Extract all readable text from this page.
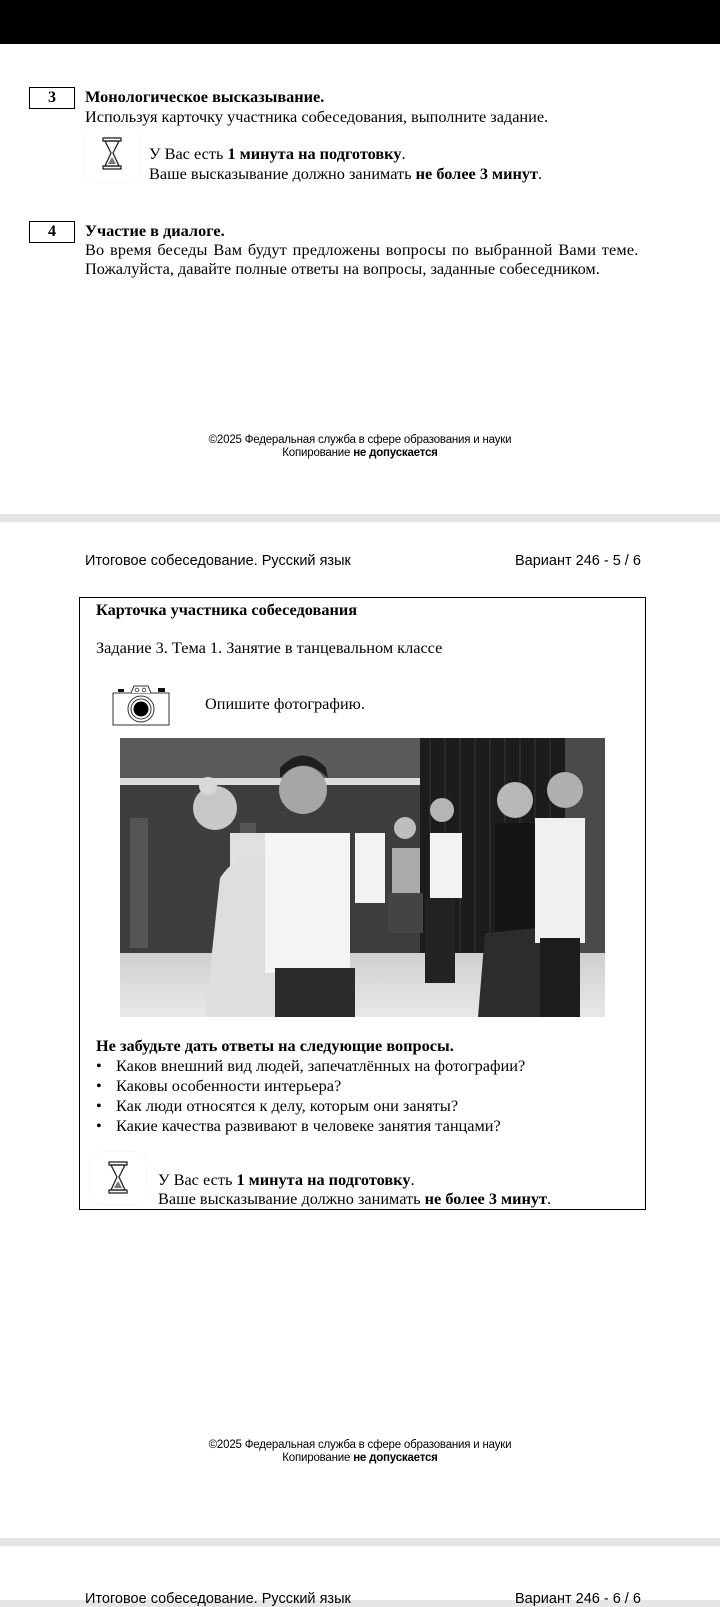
3	Монологическое высказывание.
Используя карточку участника собеседования, выполните задание.
У Вас есть 1 минута на подготовку.
Ваше высказывание должно занимать не более 3 минут.
4	Участие в диалоге.
Во время беседы Вам будут предложены вопросы по выбранной Вами теме.
Пожалуйста, давайте полные ответы на вопросы, заданные собеседником.
©2025 Федеральная служба в сфере образования и науки
Копирование не допускается
Итоговое собеседование. Русский язык	Вариант 246 - 5 / 6
Карточка участника собеседования
Задание 3. Тема 1. Занятие в танцевальном классе
Опишите фотографию.
Не забудьте дать ответы на следующие вопросы.
• Каков внешний вид людей, запечатлённых на фотографии?
• Каковы особенности интерьера?
• Как люди относятся к делу, которым они заняты?
• Какие качества развивают в человеке занятия танцами?
У Вас есть 1 минута на подготовку.
Ваше высказывание должно занимать не более 3 минут.
©2025 Федеральная служба в сфере образования и науки
Копирование не допускается
Итоговое собеседование. Русский язык	Вариант 246 - 6 / 6
